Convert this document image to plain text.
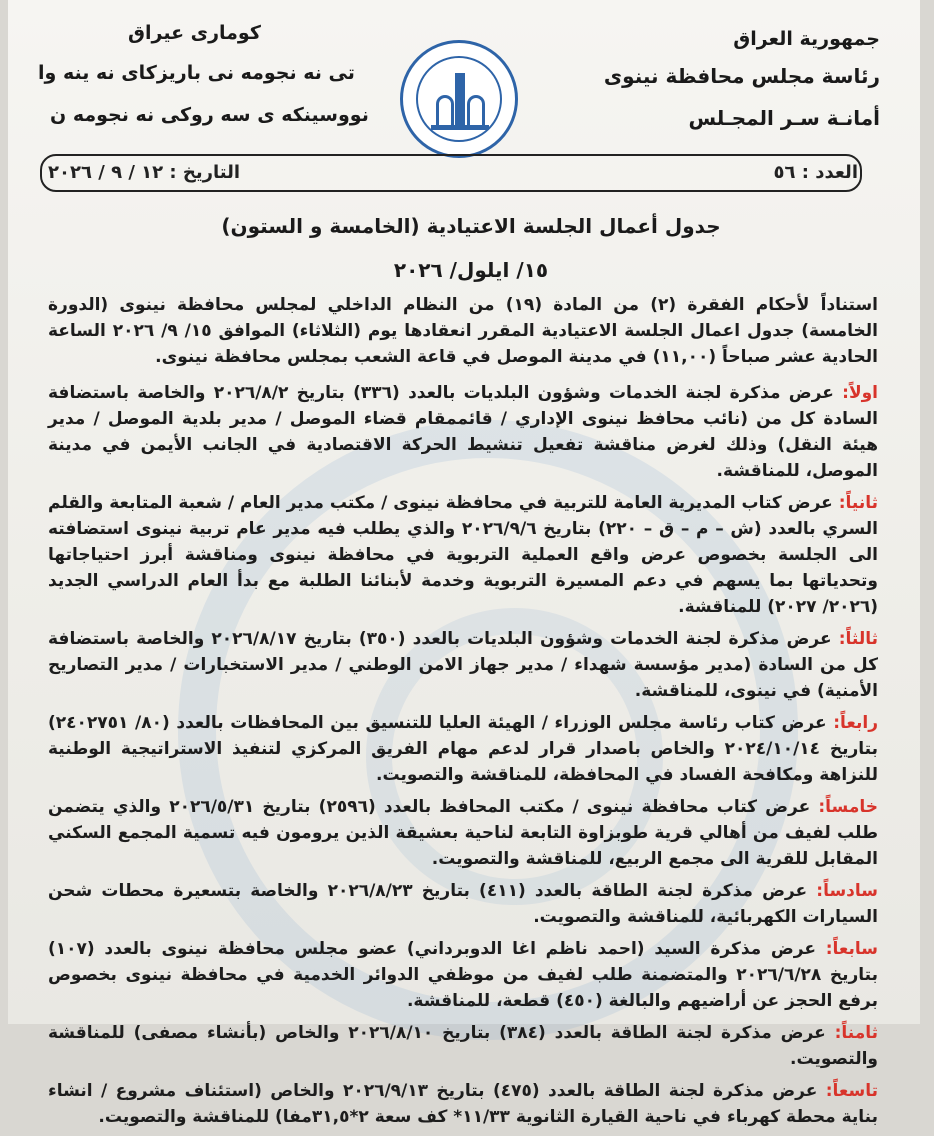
جمهورية العراق
رئاسة مجلس محافظة نينوى
أمانـة سـر المجـلس
كوماری عيراق
تى نه نجومه نى باريزكاى نه ينه وا
نووسينكه ى سه روكى نه نجومه ن
العدد : ٥٦
التاريخ : ١٢ / ٩ / ٢٠٢٦
جدول أعمال الجلسة الاعتيادية (الخامسة و الستون)
١٥/ ايلول/ ٢٠٢٦
استناداً لأحكام الفقرة (٢) من المادة (١٩) من النظام الداخلي لمجلس محافظة نينوى (الدورة الخامسة) جدول اعمال الجلسة الاعتيادية المقرر انعقادها يوم (الثلاثاء) الموافق ١٥/ ٩/ ٢٠٢٦ الساعة الحادية عشر صباحاً (١١,٠٠) في مدينة الموصل في قاعة الشعب بمجلس محافظة نينوى.
اولاً: عرض مذكرة لجنة الخدمات وشؤون البلديات بالعدد (٣٣٦) بتاريخ ٢٠٢٦/٨/٢ والخاصة باستضافة السادة كل من (نائب محافظ نينوى الإداري / قائممقام قضاء الموصل / مدير بلدية الموصل / مدير هيئة النقل) وذلك لغرض مناقشة تفعيل تنشيط الحركة الاقتصادية في الجانب الأيمن في مدينة الموصل، للمناقشة.
ثانياً: عرض كتاب المديرية العامة للتربية في محافظة نينوى / مكتب مدير العام / شعبة المتابعة والقلم السري بالعدد (ش – م – ق – ٢٢٠) بتاريخ ٢٠٢٦/٩/٦ والذي يطلب فيه مدير عام تربية نينوى استضافته الى الجلسة بخصوص عرض واقع العملية التربوية في محافظة نينوى ومناقشة أبرز احتياجاتها وتحدياتها بما يسهم في دعم المسيرة التربوية وخدمة لأبنائنا الطلبة مع بدأ العام الدراسي الجديد (٢٠٢٦/ ٢٠٢٧) للمناقشة.
ثالثاً: عرض مذكرة لجنة الخدمات وشؤون البلديات بالعدد (٣٥٠) بتاريخ ٢٠٢٦/٨/١٧ والخاصة باستضافة كل من السادة (مدير مؤسسة شهداء / مدير جهاز الامن الوطني / مدير الاستخبارات / مدير التصاريح الأمنية) في نينوى، للمناقشة.
رابعاً: عرض كتاب رئاسة مجلس الوزراء / الهيئة العليا للتنسيق بين المحافظات بالعدد (٨٠/ ٢٤٠٢٧٥١) بتاريخ ٢٠٢٤/١٠/١٤ والخاص باصدار قرار لدعم مهام الفريق المركزي لتنفيذ الاستراتيجية الوطنية للنزاهة ومكافحة الفساد في المحافظة، للمناقشة والتصويت.
خامساً: عرض كتاب محافظة نينوى / مكتب المحافظ بالعدد (٢٥٩٦) بتاريخ ٢٠٢٦/٥/٣١ والذي يتضمن طلب لفيف من أهالي قرية طوبزاوة التابعة لناحية بعشيقة الذين يرومون فيه تسمية المجمع السكني المقابل للقرية الى مجمع الربيع، للمناقشة والتصويت.
سادساً: عرض مذكرة لجنة الطاقة بالعدد (٤١١) بتاريخ ٢٠٢٦/٨/٢٣ والخاصة بتسعيرة محطات شحن السيارات الكهربائية، للمناقشة والتصويت.
سابعاً: عرض مذكرة السيد (احمد ناظم اغا الدوبرداني) عضو مجلس محافظة نينوى بالعدد (١٠٧) بتاريخ ٢٠٢٦/٦/٢٨ والمتضمنة طلب لفيف من موظفي الدوائر الخدمية في محافظة نينوى بخصوص برفع الحجز عن أراضيهم والبالغة (٤٥٠) قطعة، للمناقشة.
ثامناً: عرض مذكرة لجنة الطاقة بالعدد (٣٨٤) بتاريخ ٢٠٢٦/٨/١٠ والخاص (بأنشاء مصفى) للمناقشة والتصويت.
تاسعاً: عرض مذكرة لجنة الطاقة بالعدد (٤٧٥) بتاريخ ٢٠٢٦/٩/١٣ والخاص (استئناف مشروع / انشاء بناية محطة كهرباء في ناحية القيارة الثانوية ١١/٣٣* كف سعة ٢*٣١,٥مفا) للمناقشة والتصويت.
